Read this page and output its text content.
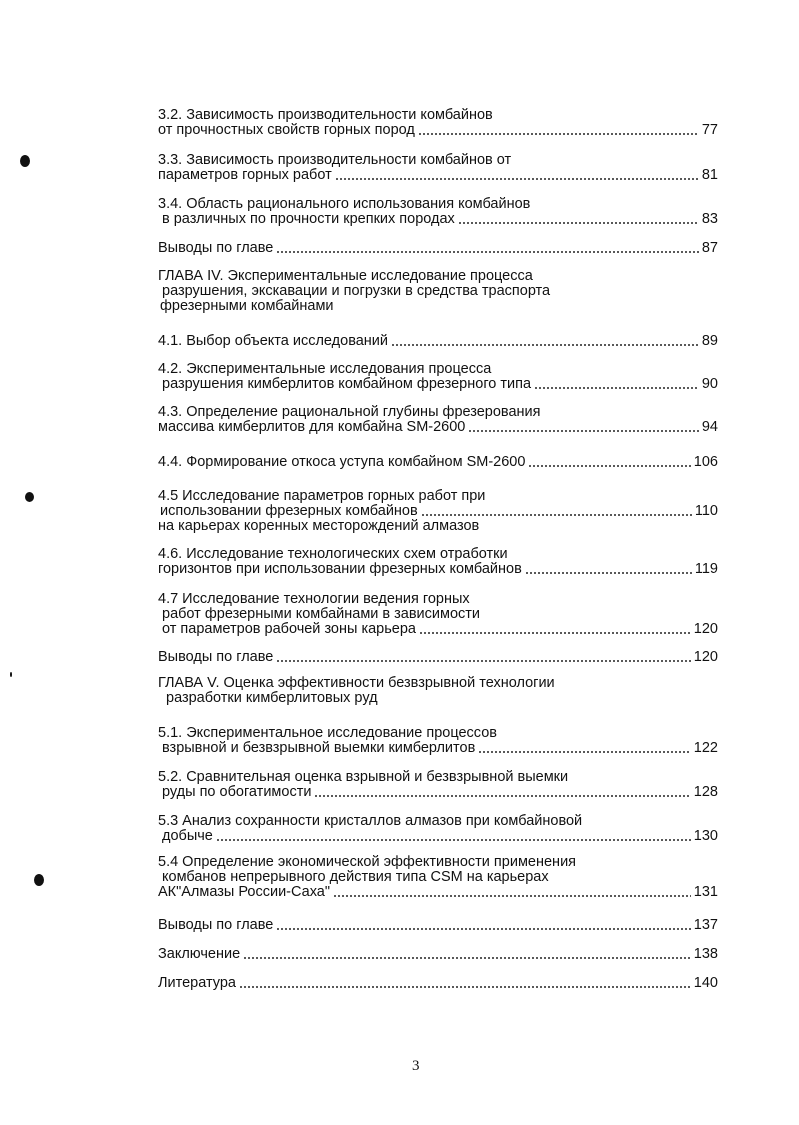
3.2. Зависимость производительности комбайнов
от прочностных свойств горных пород	77
3.3. Зависимость производительности комбайнов от
параметров горных работ	81
3.4. Область рационального использования комбайнов
в различных по прочности крепких породах	83
Выводы по главе	87
ГЛАВА IV. Экспериментальные исследование процесса
разрушения, экскавации и погрузки в средства траспорта
фрезерными комбайнами
4.1. Выбор объекта исследований	89
4.2. Экспериментальные исследования процесса
разрушения кимберлитов комбайном фрезерного типа	90
4.3. Определение рациональной глубины фрезерования
массива кимберлитов для комбайна SM-2600	94
4.4. Формирование откоса уступа комбайном SM-2600	106
4.5 Исследование параметров горных работ при
использовании фрезерных комбайнов	110
на карьерах коренных месторождений алмазов
4.6. Исследование технологических схем отработки
горизонтов при использовании фрезерных комбайнов	119
4.7 Исследование технологии ведения горных
работ фрезерными комбайнами в зависимости
от параметров рабочей зоны карьера	120
Выводы по главе	120
ГЛАВА V. Оценка эффективности безвзрывной технологии
разработки кимберлитовых руд
5.1. Экспериментальное исследование процессов
взрывной и безвзрывной выемки кимберлитов	122
5.2. Сравнительная оценка взрывной и безвзрывной выемки
руды по обогатимости	128
5.3 Анализ сохранности кристаллов алмазов при комбайновой
добыче	130
5.4 Определение экономической эффективности применения
комбанов непрерывного действия типа CSM на карьерах
АК"Алмазы России-Саха"	131
Выводы по главе	137
Заключение	138
Литература	140
3
